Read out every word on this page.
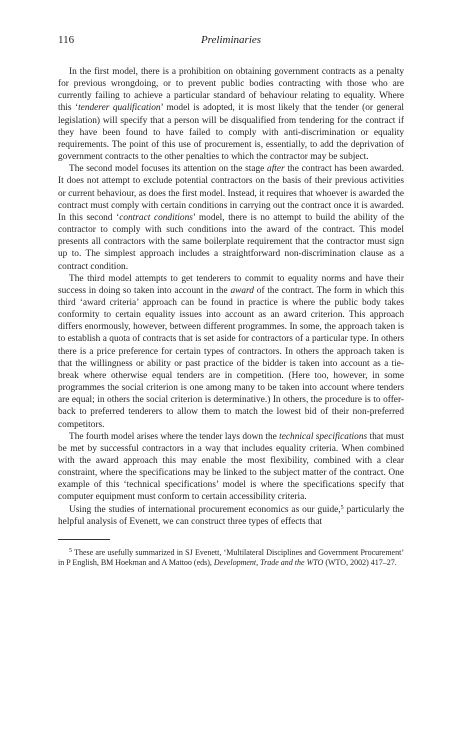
116	Preliminaries

In the first model, there is a prohibition on obtaining government contracts as a penalty for previous wrongdoing, or to prevent public bodies contracting with those who are currently failing to achieve a particular standard of behaviour relating to equality. Where this ‘tenderer qualification’ model is adopted, it is most likely that the tender (or general legislation) will specify that a person will be disqualified from tendering for the contract if they have been found to have failed to comply with anti-discrimination or equality requirements. The point of this use of procurement is, essentially, to add the deprivation of government contracts to the other penalties to which the contractor may be subject.

The second model focuses its attention on the stage after the contract has been awarded. It does not attempt to exclude potential contractors on the basis of their previous activities or current behaviour, as does the first model. Instead, it requires that whoever is awarded the contract must comply with certain conditions in carrying out the contract once it is awarded. In this second ‘contract conditions’ model, there is no attempt to build the ability of the contractor to comply with such conditions into the award of the contract. This model presents all contractors with the same boilerplate requirement that the contractor must sign up to. The simplest approach includes a straightforward non-discrimination clause as a contract condition.

The third model attempts to get tenderers to commit to equality norms and have their success in doing so taken into account in the award of the contract. The form in which this third ‘award criteria’ approach can be found in practice is where the public body takes conformity to certain equality issues into account as an award criterion. This approach differs enormously, however, between different programmes. In some, the approach taken is to establish a quota of contracts that is set aside for contractors of a particular type. In others there is a price preference for certain types of contractors. In others the approach taken is that the willingness or ability or past practice of the bidder is taken into account as a tie-break where otherwise equal tenders are in competition. (Here too, however, in some programmes the social criterion is one among many to be taken into account where tenders are equal; in others the social criterion is determinative.) In others, the procedure is to offer-back to preferred tenderers to allow them to match the lowest bid of their non-preferred competitors.

The fourth model arises where the tender lays down the technical specifications that must be met by successful contractors in a way that includes equality criteria. When combined with the award approach this may enable the most flexibility, combined with a clear constraint, where the specifications may be linked to the subject matter of the contract. One example of this ‘technical specifications’ model is where the specifications specify that computer equipment must conform to certain accessibility criteria.

Using the studies of international procurement economics as our guide,$^5$ particularly the helpful analysis of Evenett, we can construct three types of effects that

$^5$ These are usefully summarized in SJ Evenett, ‘Multilateral Disciplines and Government Procurement’ in P English, BM Hoekman and A Mattoo (eds), Development, Trade and the WTO (WTO, 2002) 417–27.
